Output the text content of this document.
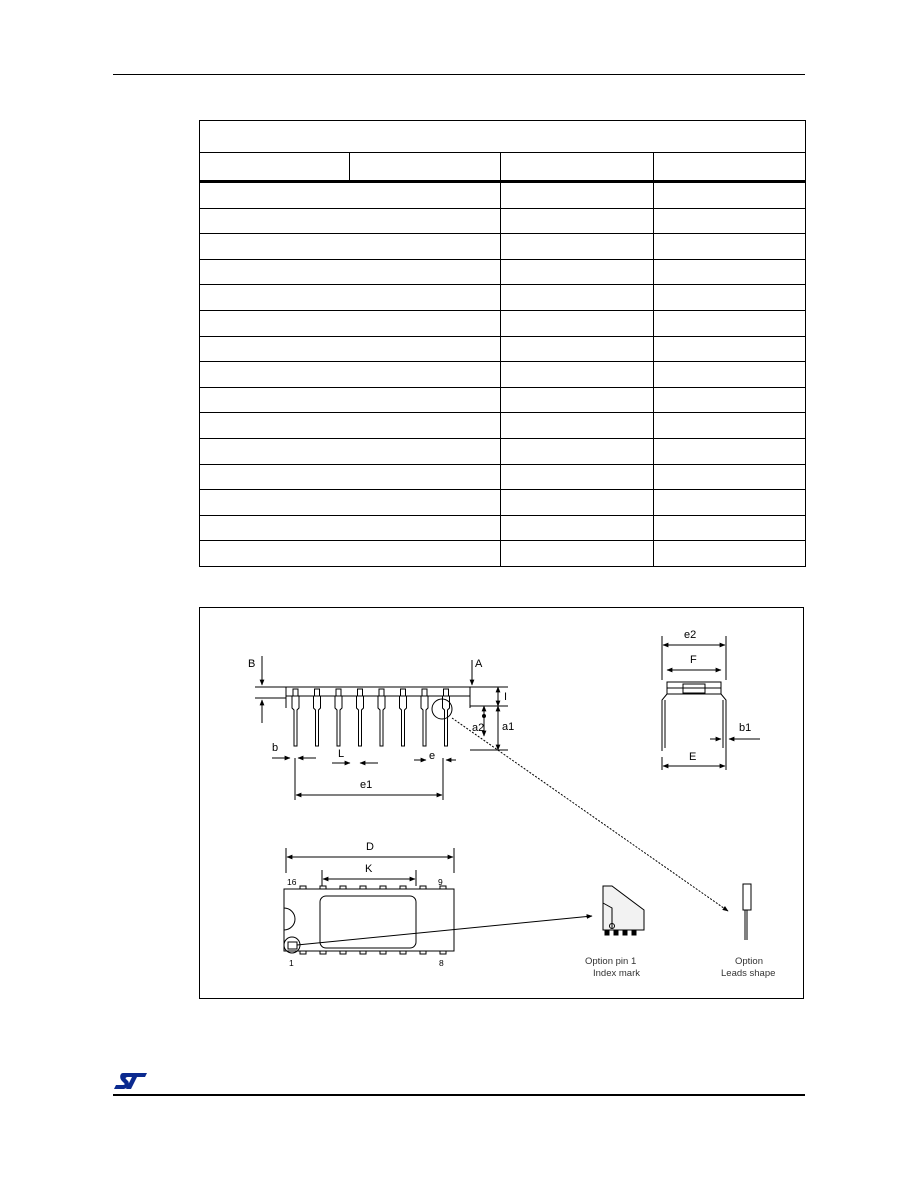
B	A
I
a1
a2
b	L	e
e1
e2
F
b1
E
D
K
16	9
1	8	Option pin 1
Index mark
Option
Leads shape
